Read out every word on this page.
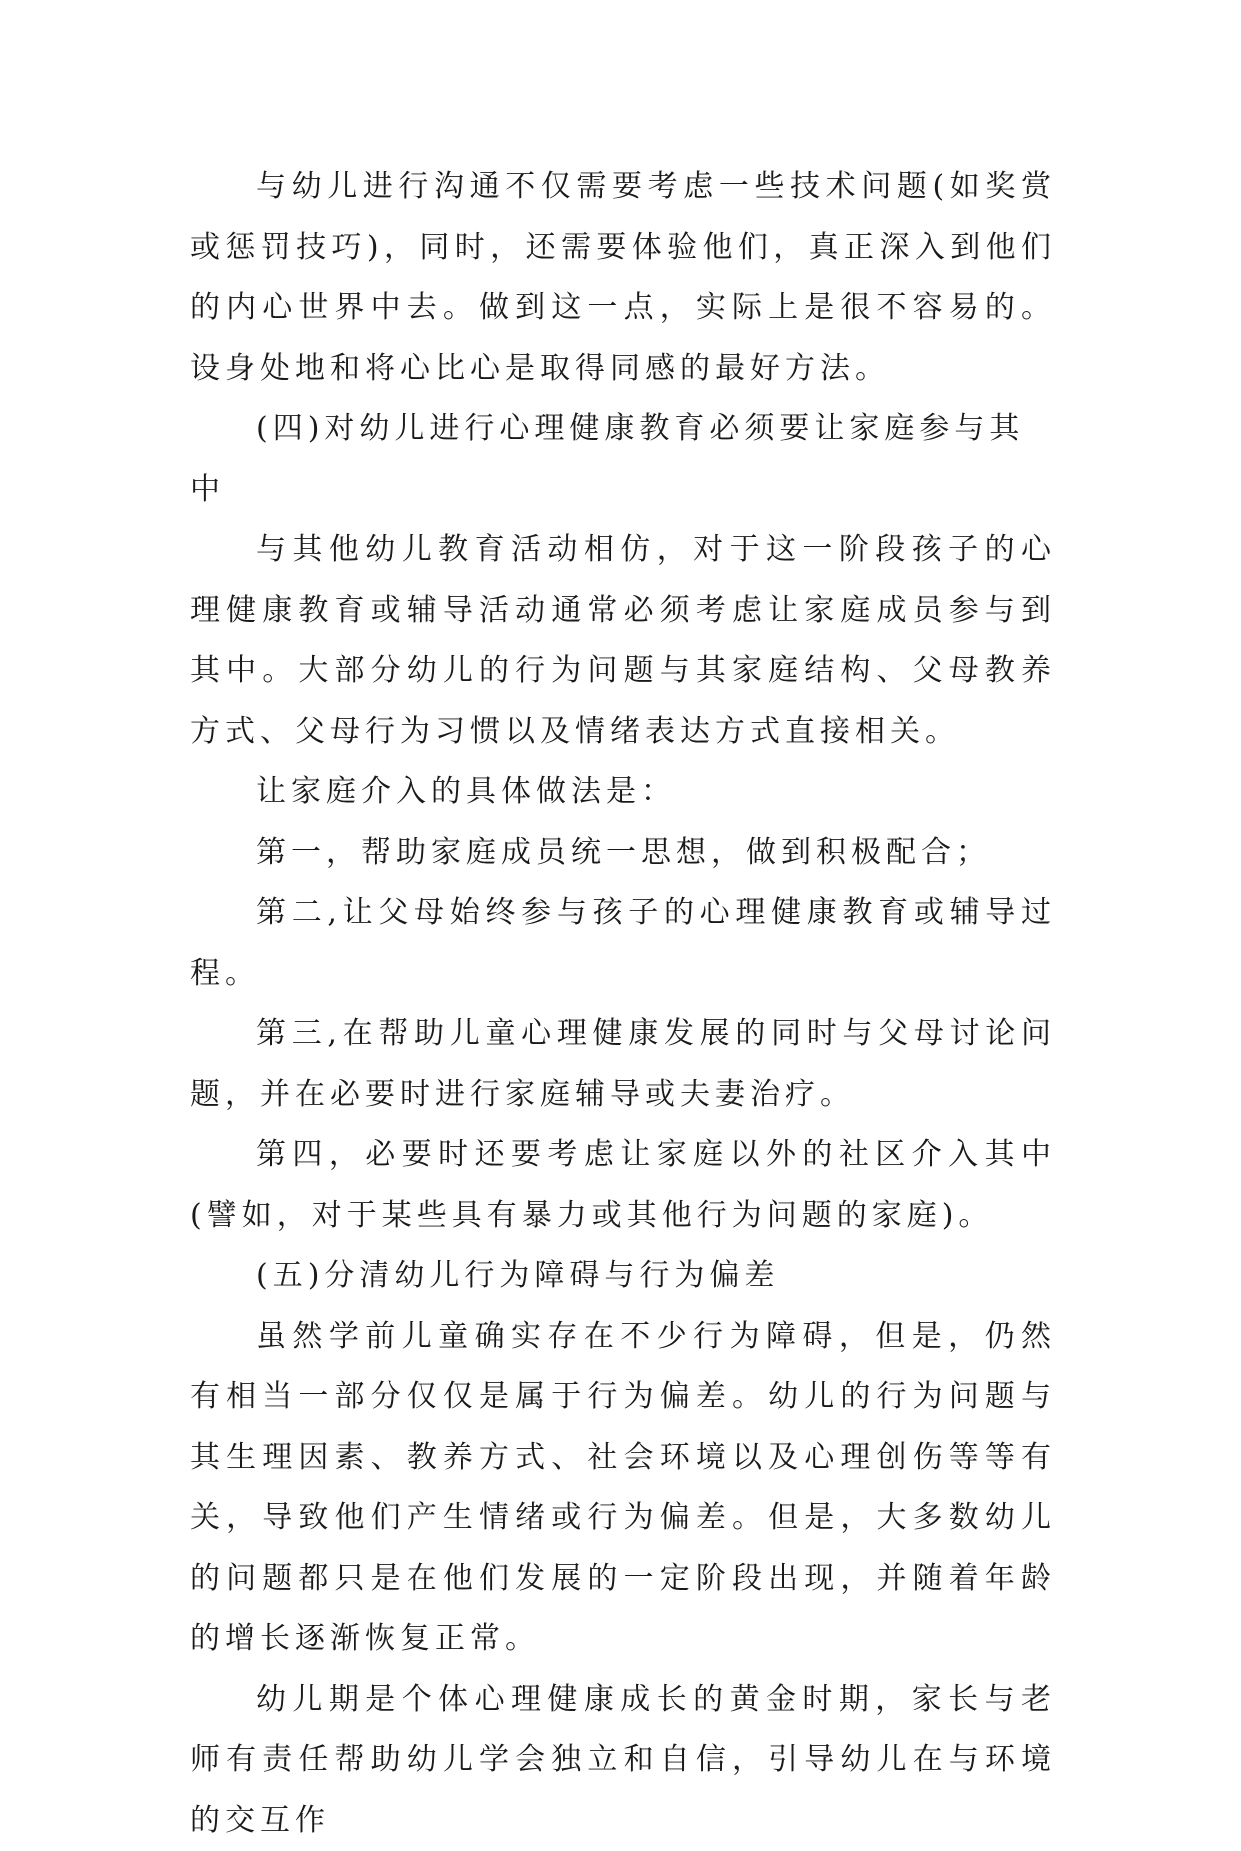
与幼儿进行沟通不仅需要考虑一些技术问题(如奖赏或惩罚技巧)，同时，还需要体验他们，真正深入到他们的内心世界中去。做到这一点，实际上是很不容易的。设身处地和将心比心是取得同感的最好方法。

(四)对幼儿进行心理健康教育必须要让家庭参与其中

与其他幼儿教育活动相仿，对于这一阶段孩子的心理健康教育或辅导活动通常必须考虑让家庭成员参与到其中。大部分幼儿的行为问题与其家庭结构、父母教养方式、父母行为习惯以及情绪表达方式直接相关。

让家庭介入的具体做法是：

第一，帮助家庭成员统一思想，做到积极配合；

第二,让父母始终参与孩子的心理健康教育或辅导过程。

第三,在帮助儿童心理健康发展的同时与父母讨论问题，并在必要时进行家庭辅导或夫妻治疗。

第四，必要时还要考虑让家庭以外的社区介入其中(譬如，对于某些具有暴力或其他行为问题的家庭)。

(五)分清幼儿行为障碍与行为偏差

虽然学前儿童确实存在不少行为障碍，但是，仍然有相当一部分仅仅是属于行为偏差。幼儿的行为问题与其生理因素、教养方式、社会环境以及心理创伤等等有关，导致他们产生情绪或行为偏差。但是，大多数幼儿的问题都只是在他们发展的一定阶段出现，并随着年龄的增长逐渐恢复正常。

幼儿期是个体心理健康成长的黄金时期，家长与老师有责任帮助幼儿学会独立和自信，引导幼儿在与环境的交互作
